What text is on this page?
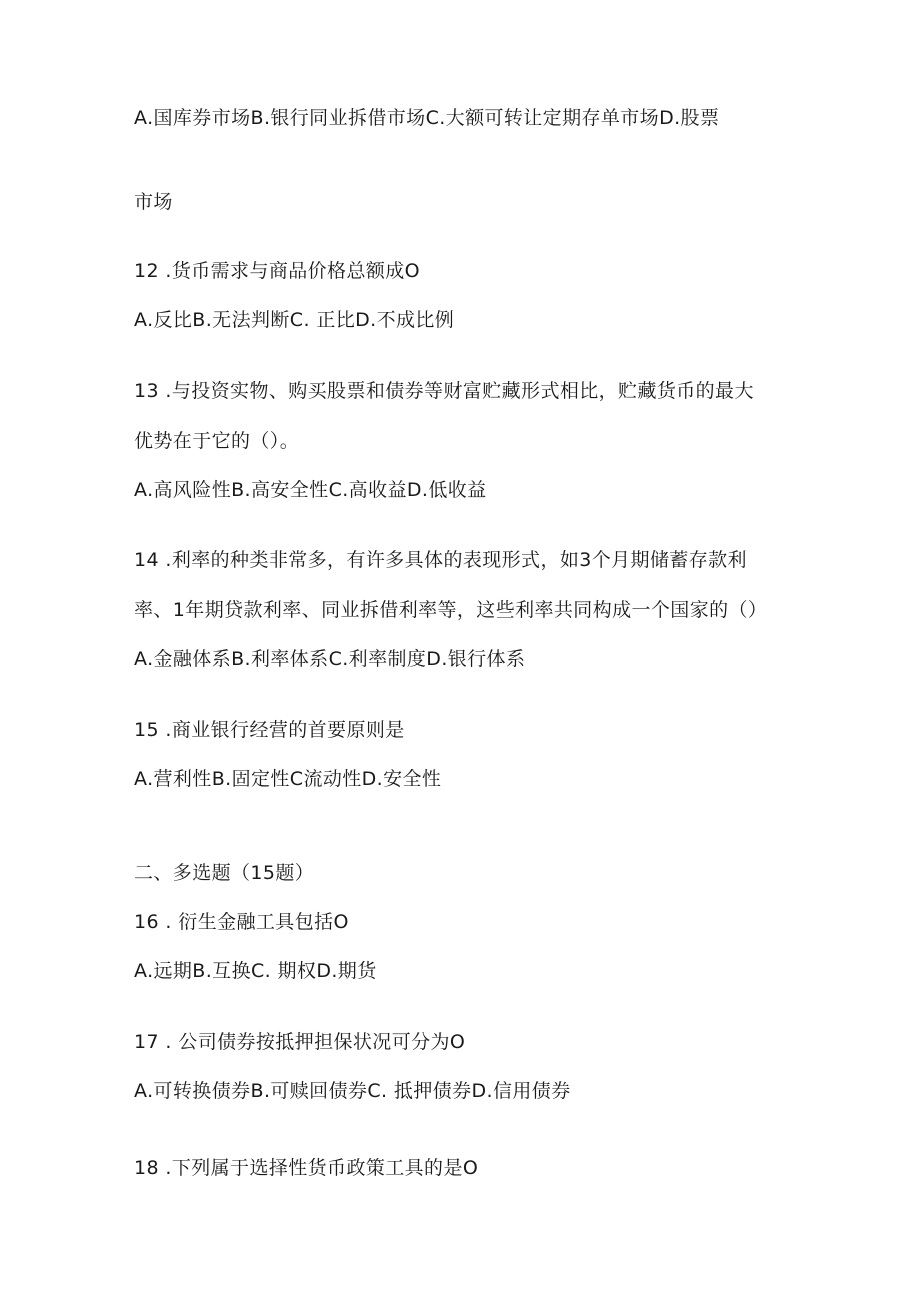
A.国库券市场B.银行同业拆借市场C.大额可转让定期存单市场D.股票
市场
12 .货币需求与商品价格总额成O
A.反比B.无法判断C. 正比D.不成比例
13 .与投资实物、购买股票和债券等财富贮藏形式相比，贮藏货币的最大
优势在于它的（）。
A.高风险性B.高安全性C.高收益D.低收益
14 .利率的种类非常多，有许多具体的表现形式，如3个月期储蓄存款利
率、1年期贷款利率、同业拆借利率等，这些利率共同构成一个国家的（）
A.金融体系B.利率体系C.利率制度D.银行体系
15 .商业银行经营的首要原则是
A.营利性B.固定性C流动性D.安全性
二、多选题（15题）
16 . 衍生金融工具包括O
A.远期B.互换C. 期权D.期货
17 . 公司债券按抵押担保状况可分为O
A.可转换债券B.可赎回债券C. 抵押债券D.信用债券
18 .下列属于选择性货币政策工具的是O
